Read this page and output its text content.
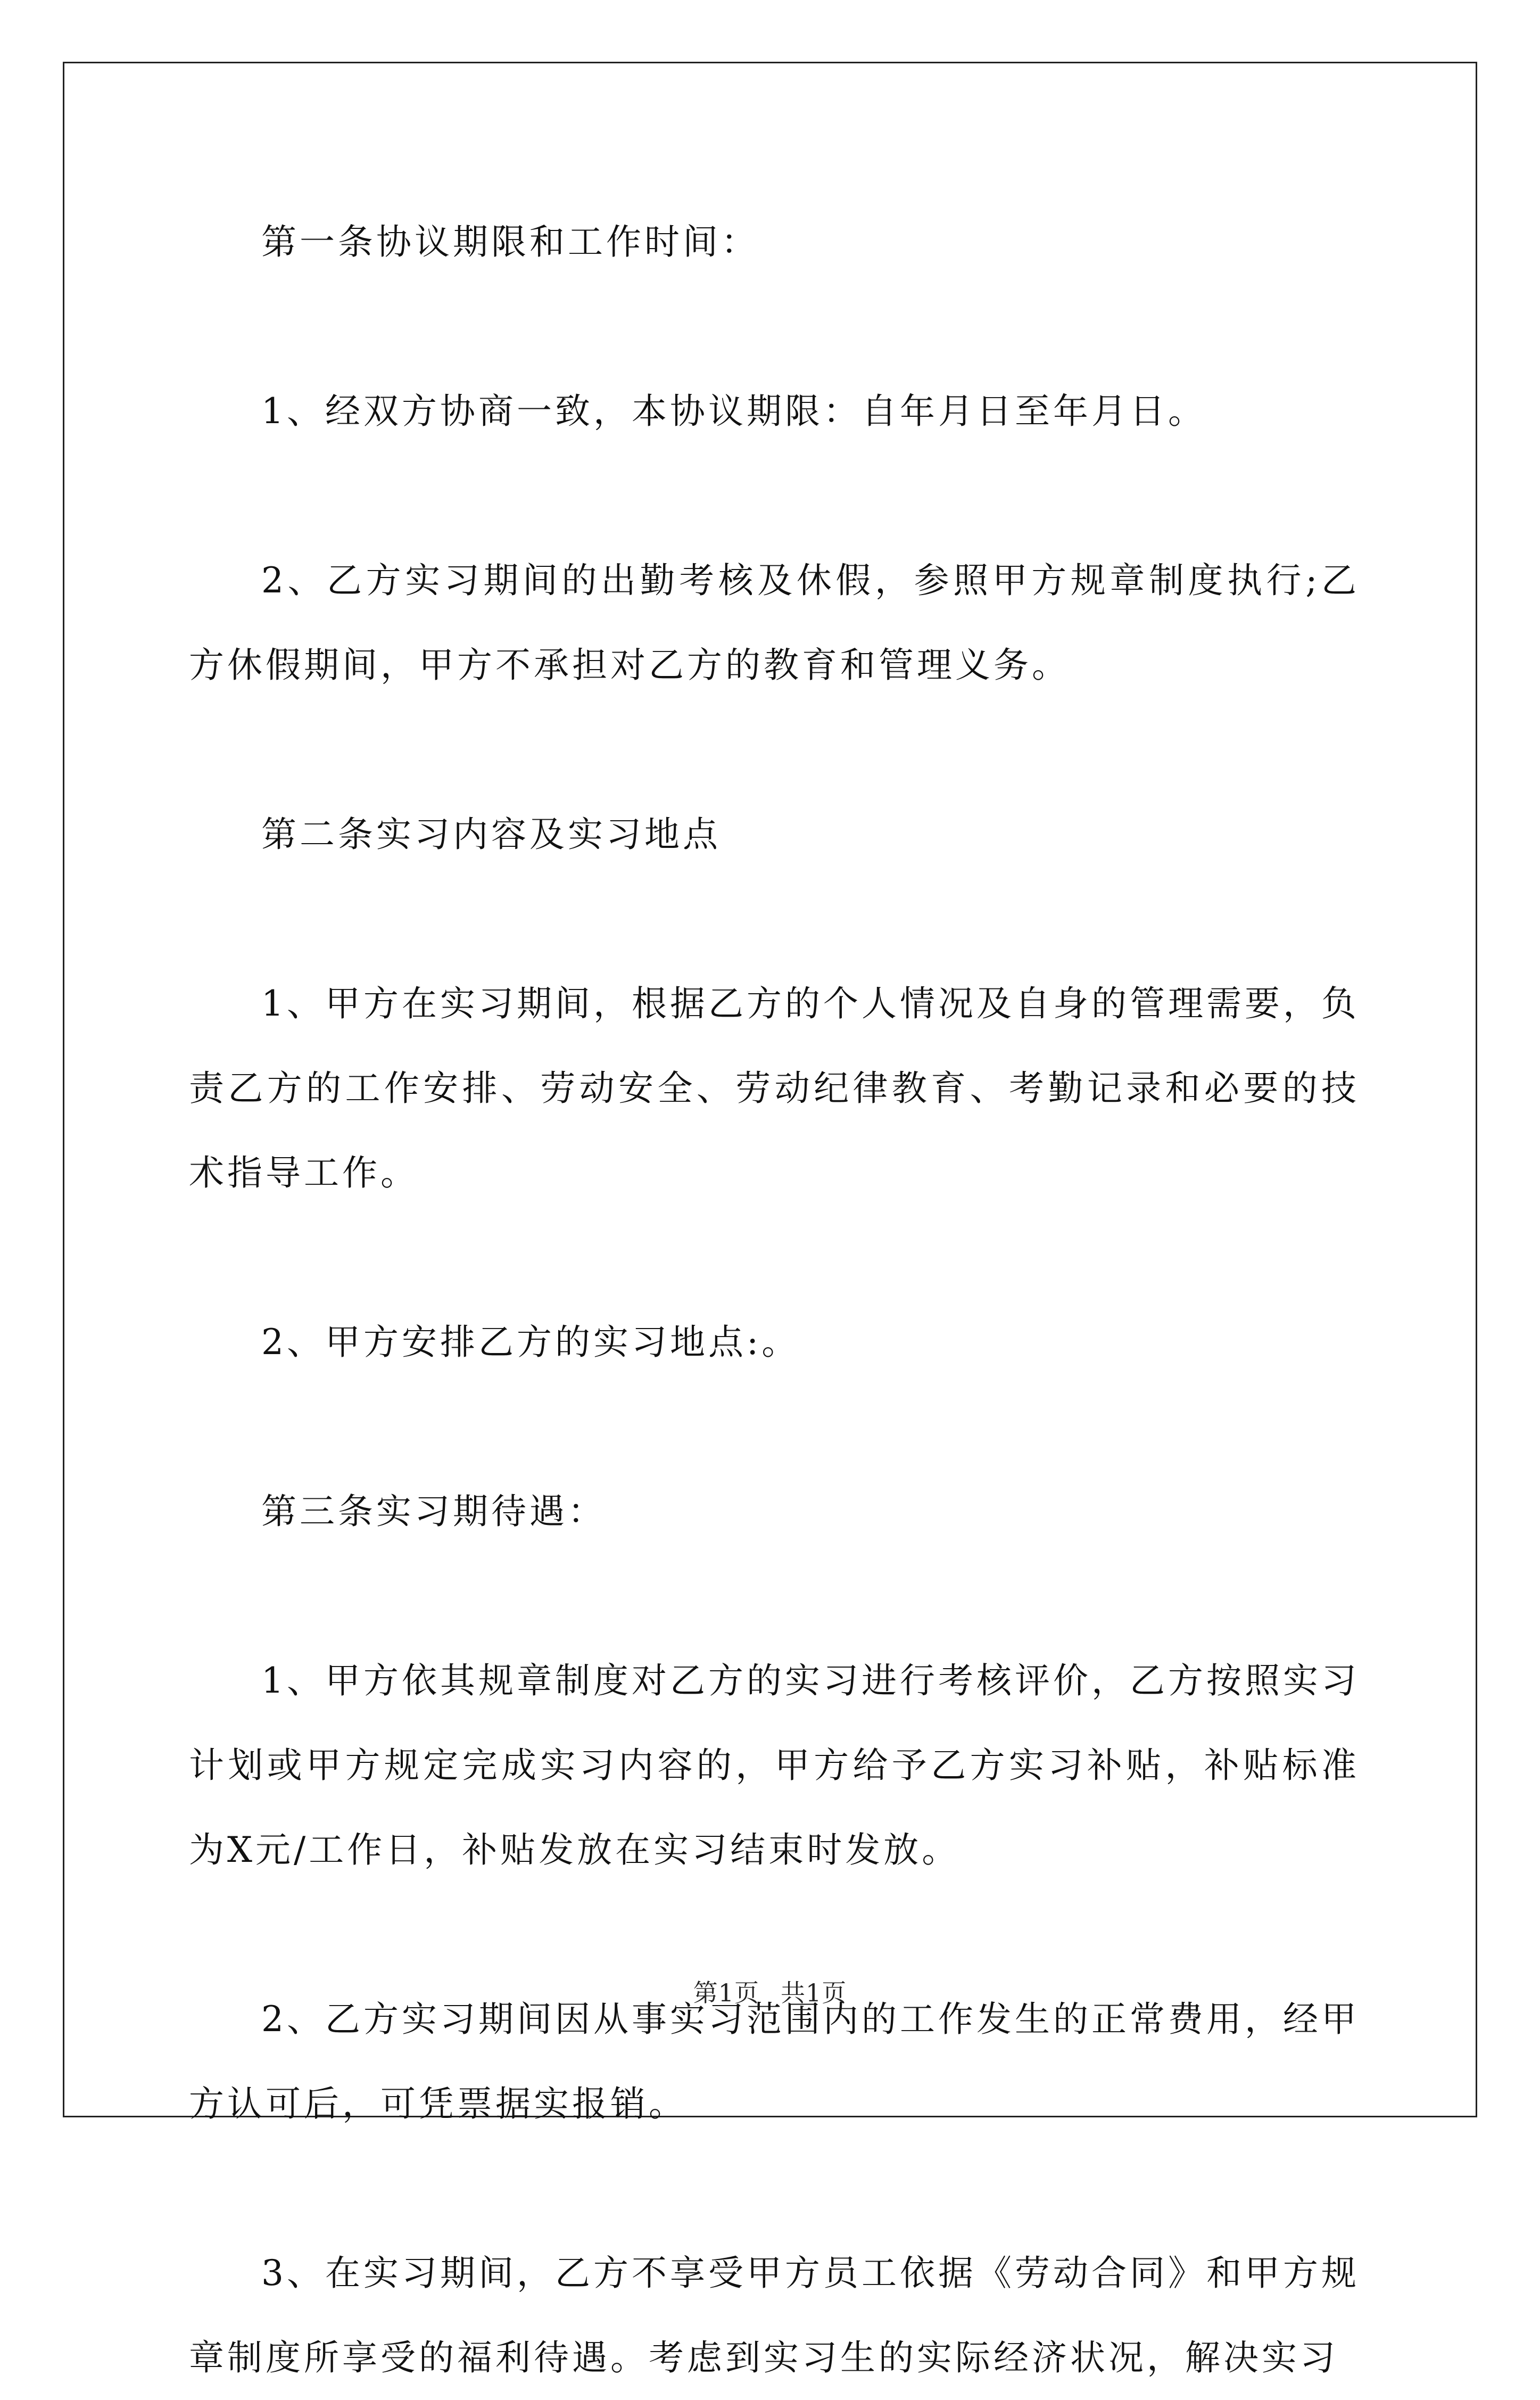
第一条协议期限和工作时间：

1、经双方协商一致，本协议期限：自年月日至年月日。

2、乙方实习期间的出勤考核及休假，参照甲方规章制度执行;乙方休假期间，甲方不承担对乙方的教育和管理义务。

第二条实习内容及实习地点

1、甲方在实习期间，根据乙方的个人情况及自身的管理需要，负责乙方的工作安排、劳动安全、劳动纪律教育、考勤记录和必要的技术指导工作。

2、甲方安排乙方的实习地点:。

第三条实习期待遇：

1、甲方依其规章制度对乙方的实习进行考核评价，乙方按照实习计划或甲方规定完成实习内容的，甲方给予乙方实习补贴，补贴标准为X元/工作日，补贴发放在实习结束时发放。

2、乙方实习期间因从事实习范围内的工作发生的正常费用，经甲方认可后，可凭票据实报销。

3、在实习期间，乙方不享受甲方员工依据《劳动合同》和甲方规章制度所享受的福利待遇。考虑到实习生的实际经济状况，解决实习

第1页 共1页
